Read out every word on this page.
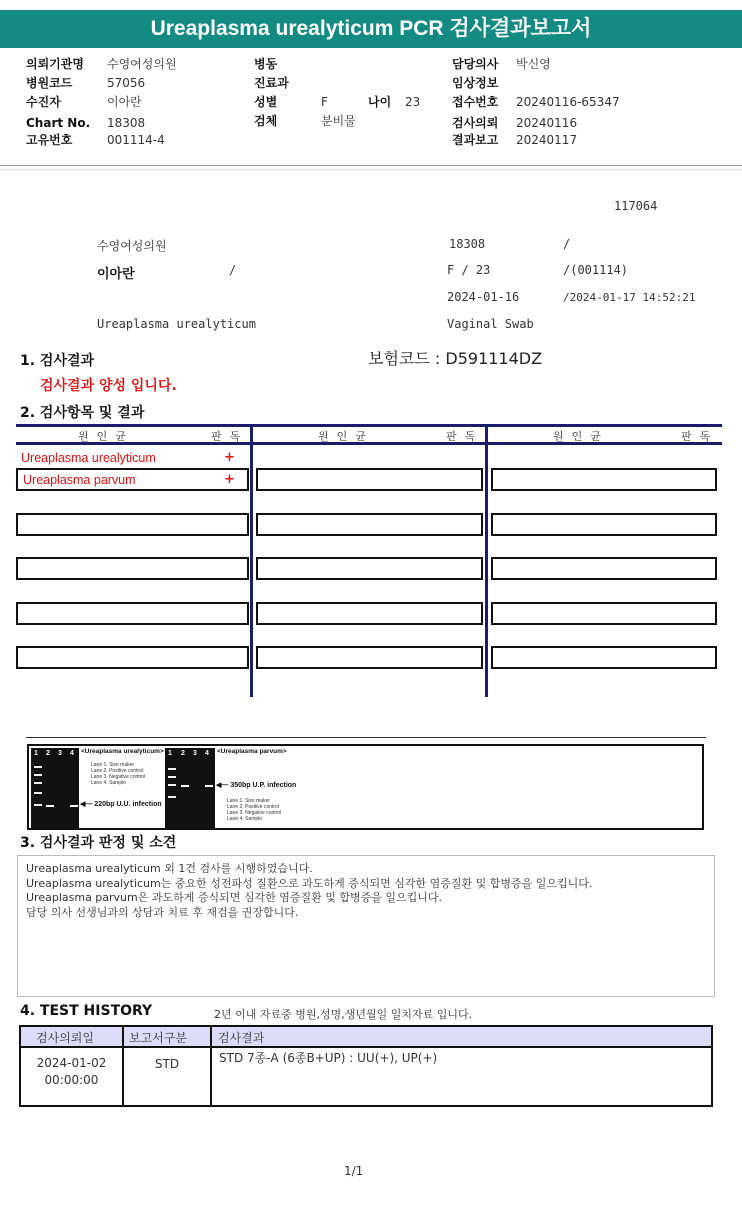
Ureaplasma urealyticum PCR 검사결과보고서
의뢰기관명 수영여성의원
병원코드	57056
수진자	이아란
Chart No. 18308
고유번호	001114-4
병동
진료과
성별	F	나이 23
검체	분비물
담당의사 박신영
임상정보
접수번호 20240116-65347
검사의뢰 20240116
결과보고 20240117
117064
수영여성의원	18308	/
이아란	/	F / 23	/(001114)
2024-01-16	/2024-01-17 14:52:21
Ureaplasma urealyticum	Vaginal Swab
1. 검사결과	보험코드 : D591114DZ
검사결과 양성 입니다.
2. 검사항목 및 결과
원인균	판독	원인균	판독	원인균	판독
Ureaplasma urealyticum	+
Ureaplasma parvum	+
1 2 3 4 <Ureaplasma urealyticum>
Lane 1. Size maker
Lane 2. Positive control
Lane 3. Negative control
Lane 4. Sample
◀— 220bp U.U. infection
1 2 3 4 <Ureaplasma parvum>
◀— 350bp U.P. infection
Lane 1. Size maker
Lane 2. Positive control
Lane 3. Negative control
Lane 4. Sample
3. 검사결과 판정 및 소견
Ureaplasma urealyticum 외 1건 검사를 시행하였습니다.
Ureaplasma urealyticum는 중요한 성전파성 질환으로 과도하게 증식되면 심각한 염증질환 및 합병증을 일으킵니다.
Ureaplasma parvum은 과도하게 증식되면 심각한 염증질환 및 합병증을 일으킵니다.
담당 의사 선생님과의 상담과 치료 후 재검을 권장합니다.
4. TEST HISTORY	2년 이내 자료중 병원,성명,생년월일 일치자료 입니다.
검사의뢰일	보고서구분	검사결과
2024-01-02
00:00:00
STD	STD 7종-A (6종B+UP) : UU(+), UP(+)
1/1
